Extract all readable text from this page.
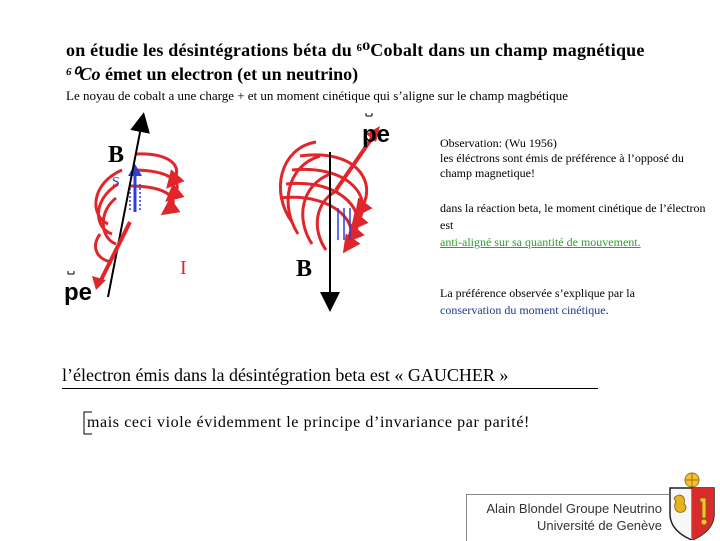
on étudie les désintégrations béta du ⁶⁰Cobalt dans un champ magnétique
⁶⁰Co émet un electron (et un neutrino)
Le noyau de cobalt a une charge + et un moment cinétique qui s’aligne sur le champ magbétique
B
S
I
pe
B
pe	Observation: (Wu 1956)
les éléctrons sont émis de préférence à l’opposé du champ magnetique!
dans la réaction beta, le moment cinétique de l’électron est
anti-aligné sur sa quantité de mouvement.
La préférence observée s’explique par la
conservation du moment cinétique.
l’électron émis dans la désintégration beta est « GAUCHER »
mais ceci viole évidemment le principe d’invariance par parité!
Alain Blondel Groupe Neutrino
Université de Genève
